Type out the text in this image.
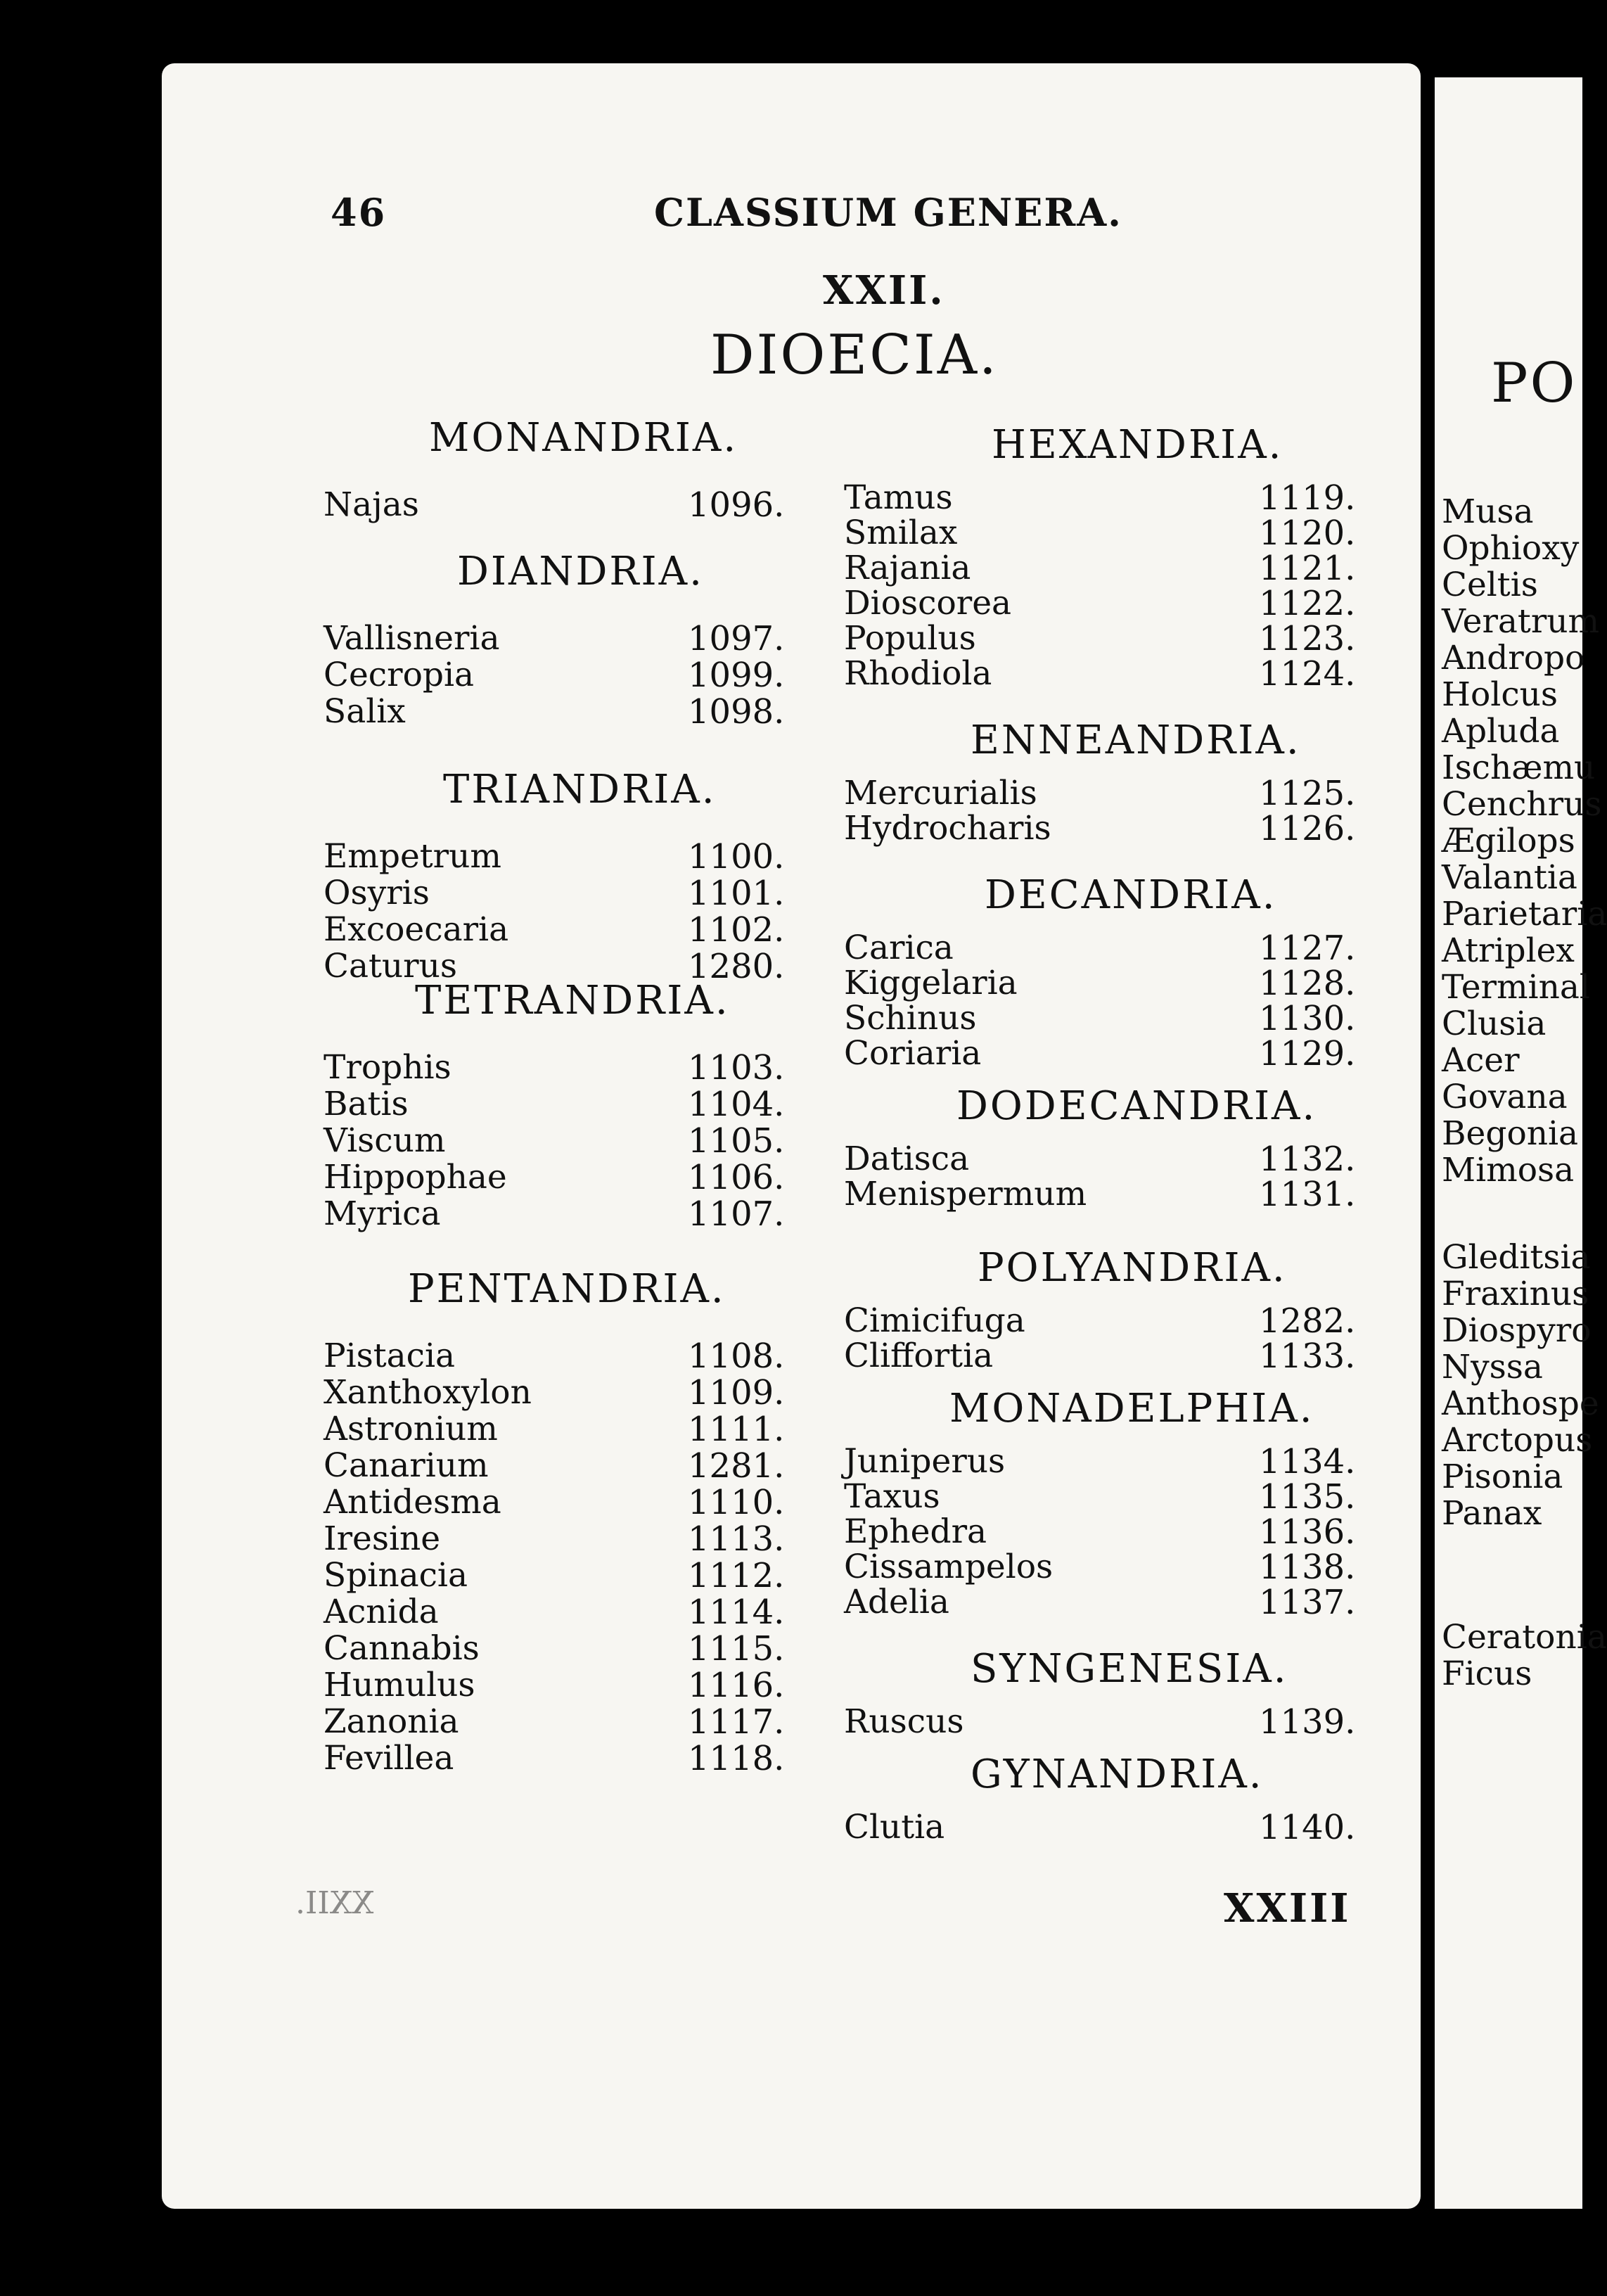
46	CLASSIUM GENERA.
XXII.
DIOECIA.
MONANDRIA.
Najas	1096.
DIANDRIA.
Vallisneria	1097.
Cecropia	1099.
Salix	1098.
TRIANDRIA.
Empetrum	1100.
Osyris	1101.
Excoecaria	1102.
Caturus	1280.
TETRANDRIA.
Trophis	1103.
Batis	1104.
Viscum	1105.
Hippophae	1106.
Myrica	1107.
PENTANDRIA.
Pistacia	1108.
Xanthoxylon	1109.
Astronium	1111.
Canarium	1281.
Antidesma	1110.
Iresine	1113.
Spinacia	1112.
Acnida	1114.
Cannabis	1115.
Humulus	1116.
Zanonia	1117.
Fevillea	1118.
HEXANDRIA.
Tamus	1119.
Smilax	1120.
Rajania	1121.
Dioscorea	1122.
Populus	1123.
Rhodiola	1124.
ENNEANDRIA.
Mercurialis	1125.
Hydrocharis	1126.
DECANDRIA.
Carica	1127.
Kiggelaria	1128.
Schinus	1130.
Coriaria	1129.
DODECANDRIA.
Datisca	1132.
Menispermum	1131.
POLYANDRIA.
Cimicifuga	1282.
Cliffortia	1133.
MONADELPHIA.
Juniperus	1134.
Taxus	1135.
Ephedra	1136.
Cissampelos	1138.
Adelia	1137.
SYNGENESIA.
Ruscus	1139.
GYNANDRIA.
Clutia	1140.
XXIII
XXII.
PO
Musa
Ophioxy
Celtis
Veratrum
Andropo
Holcus
Apluda
Ischæmu
Cenchrus
Ægilops
Valantia
Parietaria
Atriplex
Terminal
Clusia
Acer
Govana
Begonia
Mimosa
Gleditsia
Fraxinus
Diospyro
Nyssa
Anthospe
Arctopus
Pisonia
Panax
Ceratonia
Ficus
